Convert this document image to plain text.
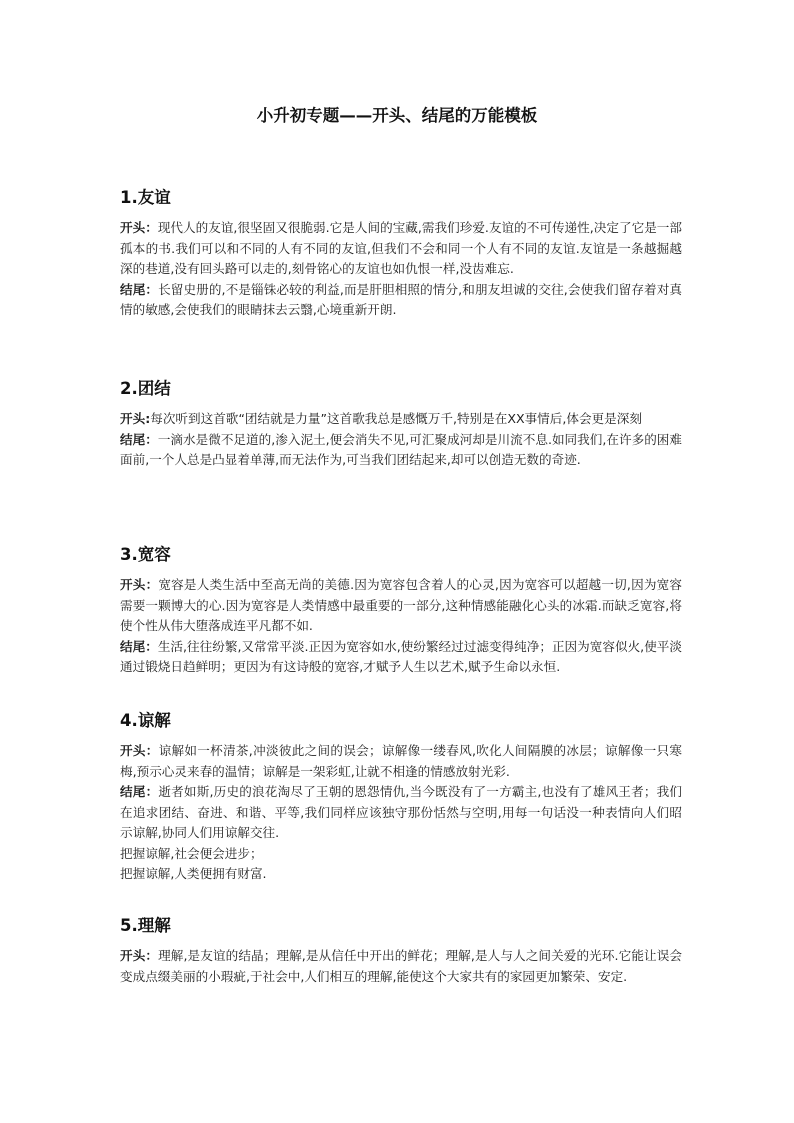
小升初专题——开头、结尾的万能模板
1.友谊

开头：现代人的友谊,很坚固又很脆弱.它是人间的宝藏,需我们珍爱.友谊的不可传递性,决定了它是一部孤本的书.我们可以和不同的人有不同的友谊,但我们不会和同一个人有不同的友谊.友谊是一条越掘越深的巷道,没有回头路可以走的,刻骨铭心的友谊也如仇恨一样,没齿难忘.

结尾：长留史册的,不是锱铢必较的利益,而是肝胆相照的情分,和朋友坦诚的交往,会使我们留存着对真情的敏感,会使我们的眼睛抹去云翳,心境重新开朗.

2.团结

开头:每次听到这首歌“团结就是力量”这首歌我总是感慨万千,特别是在XX事情后,体会更是深刻

结尾：一滴水是微不足道的,渗入泥土,便会消失不见,可汇聚成河却是川流不息.如同我们,在许多的困难面前,一个人总是凸显着单薄,而无法作为,可当我们团结起来,却可以创造无数的奇迹.

3.宽容

开头：宽容是人类生活中至高无尚的美德.因为宽容包含着人的心灵,因为宽容可以超越一切,因为宽容需要一颗博大的心.因为宽容是人类情感中最重要的一部分,这种情感能融化心头的冰霜.而缺乏宽容,将使个性从伟大堕落成连平凡都不如.

结尾：生活,往往纷繁,又常常平淡.正因为宽容如水,使纷繁经过过滤变得纯净；正因为宽容似火,使平淡通过锻烧日趋鲜明；更因为有这诗般的宽容,才赋予人生以艺术,赋予生命以永恒.

4.谅解

开头：谅解如一杯清茶,冲淡彼此之间的误会；谅解像一缕春风,吹化人间隔膜的冰层；谅解像一只寒梅,预示心灵来春的温情；谅解是一架彩虹,让就不相逢的情感放射光彩.

结尾：逝者如斯,历史的浪花淘尽了王朝的恩怨情仇,当今既没有了一方霸主,也没有了雄风王者；我们在追求团结、奋进、和谐、平等,我们同样应该独守那份恬然与空明,用每一句话没一种表情向人们昭示谅解,协同人们用谅解交往.

把握谅解,社会便会进步；

把握谅解,人类便拥有财富.

5.理解

开头：理解,是友谊的结晶；理解,是从信任中开出的鲜花；理解,是人与人之间关爱的光环.它能让误会变成点缀美丽的小瑕疵,于社会中,人们相互的理解,能使这个大家共有的家园更加繁荣、安定.
